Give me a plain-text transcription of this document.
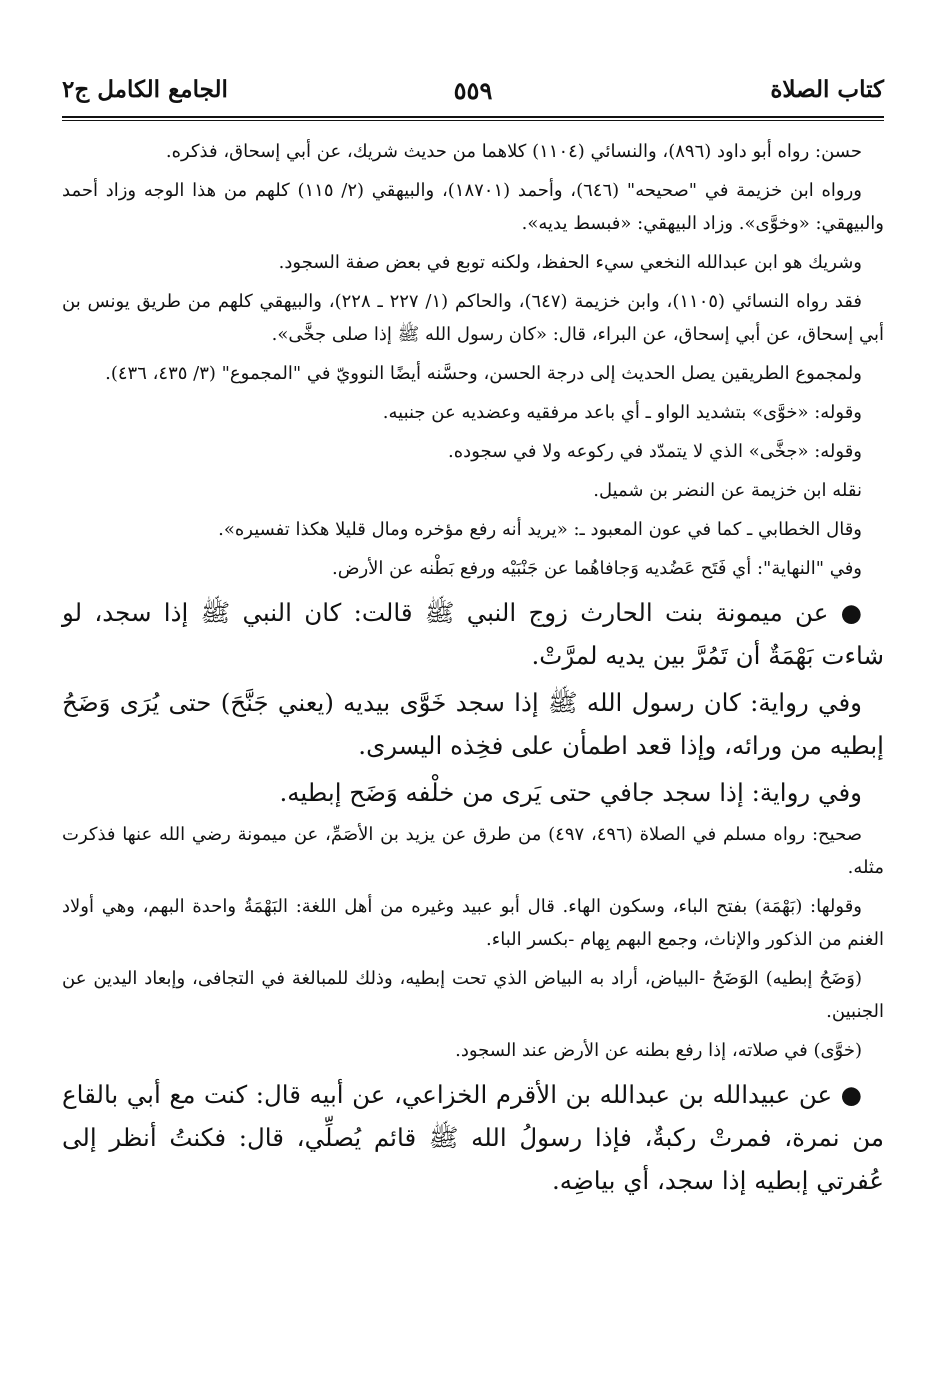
كتاب الصلاة
٥٥٩
الجامع الكامل ج٢

حسن: رواه أبو داود (٨٩٦)، والنسائي (١١٠٤) كلاهما من حديث شريك، عن أبي إسحاق، فذكره.

ورواه ابن خزيمة في "صحيحه" (٦٤٦)، وأحمد (١٨٧٠١)، والبيهقي (٢/ ١١٥) كلهم من هذا الوجه وزاد أحمد والبيهقي: «وخوَّى». وزاد البيهقي: «فبسط يديه».

وشريك هو ابن عبدالله النخعي سيء الحفظ، ولكنه توبع في بعض صفة السجود.

فقد رواه النسائي (١١٠٥)، وابن خزيمة (٦٤٧)، والحاكم (١/ ٢٢٧ ـ ٢٢٨)، والبيهقي كلهم من طريق يونس بن أبي إسحاق، عن أبي إسحاق، عن البراء، قال: «كان رسول الله ﷺ إذا صلى جخَّى».

ولمجموع الطريقين يصل الحديث إلى درجة الحسن، وحسَّنه أيضًا النوويّ في "المجموع" (٣/ ٤٣٥، ٤٣٦).

وقوله: «خوَّى» بتشديد الواو ـ أي باعد مرفقيه وعضديه عن جنبيه.

وقوله: «جخَّى» الذي لا يتمدّد في ركوعه ولا في سجوده.

نقله ابن خزيمة عن النضر بن شميل.

وقال الخطابي ـ كما في عون المعبود ـ: «يريد أنه رفع مؤخره ومال قليلا هكذا تفسيره».

وفي "النهاية": أي فَتَح عَضُديه وَجافاهُما عن جَنْبَيْه ورفع بَطْنه عن الأرض.

● عن ميمونة بنت الحارث زوج النبي ﷺ قالت: كان النبي ﷺ إذا سجد، لو شاءت بَهْمَةٌ أن تَمُرَّ بين يديه لمرَّتْ.

وفي رواية: كان رسول الله ﷺ إذا سجد خَوَّى بيديه (يعني جَنَّحَ) حتى يُرَى وَضَحُ إبطيه من ورائه، وإذا قعد اطمأن على فخِذه اليسرى.

وفي رواية: إذا سجد جافي حتى يَرى من خلْفه وَضَح إبطيه.

صحيح: رواه مسلم في الصلاة (٤٩٦، ٤٩٧) من طرق عن يزيد بن الأصَمِّ، عن ميمونة رضي الله عنها فذكرت مثله.

وقولها: (بَهْمَة) بفتح الباء، وسكون الهاء. قال أبو عبيد وغيره من أهل اللغة: البَهْمَةُ واحدة البهم، وهي أولاد الغنم من الذكور والإناث، وجمع البهم بِهام -بكسر الباء.

(وَضَحُ إبطيه) الوَضَحُ -البياض، أراد به البياض الذي تحت إبطيه، وذلك للمبالغة في التجافى، وإبعاد اليدين عن الجنبين.

(خوَّى) في صلاته، إذا رفع بطنه عن الأرض عند السجود.

● عن عبيدالله بن عبدالله بن الأقرم الخزاعي، عن أبيه قال: كنت مع أبي بالقاع من نمرة، فمرتْ ركبةٌ، فإذا رسولُ الله ﷺ قائم يُصلِّي، قال: فكنتُ أنظر إلى عُفرتي إبطيه إذا سجد، أي بياضِه.
